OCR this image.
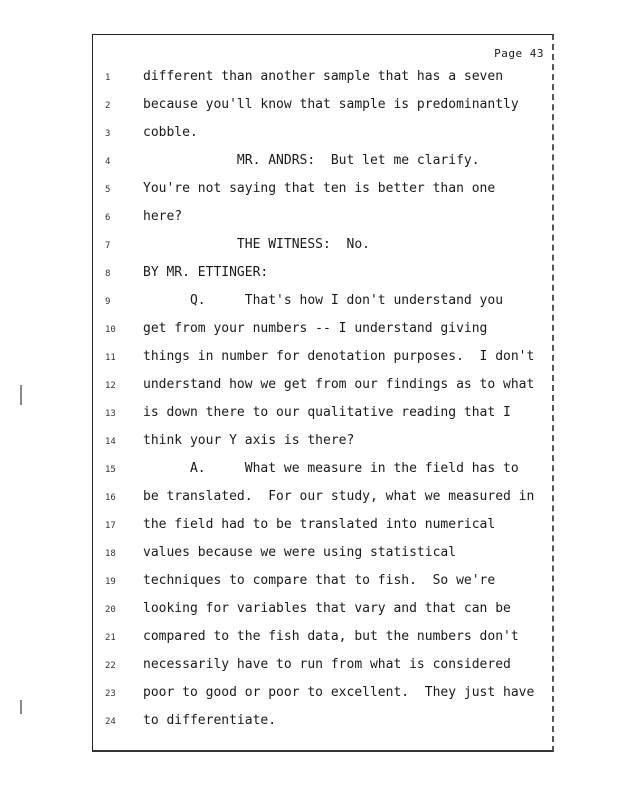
Page 43
1	different than another sample that has a seven
2	because you'll know that sample is predominantly
3	cobble.
4	MR. ANDRS:  But let me clarify.
5	You're not saying that ten is better than one
6	here?
7	THE WITNESS:  No.
8	BY MR. ETTINGER:
9	Q.     That's how I don't understand you
10	get from your numbers -- I understand giving
11	things in number for denotation purposes.  I don't
12	understand how we get from our findings as to what
13	is down there to our qualitative reading that I
14	think your Y axis is there?
15	A.     What we measure in the field has to
16	be translated.  For our study, what we measured in
17	the field had to be translated into numerical
18	values because we were using statistical
19	techniques to compare that to fish.  So we're
20	looking for variables that vary and that can be
21	compared to the fish data, but the numbers don't
22	necessarily have to run from what is considered
23	poor to good or poor to excellent.  They just have
24	to differentiate.
